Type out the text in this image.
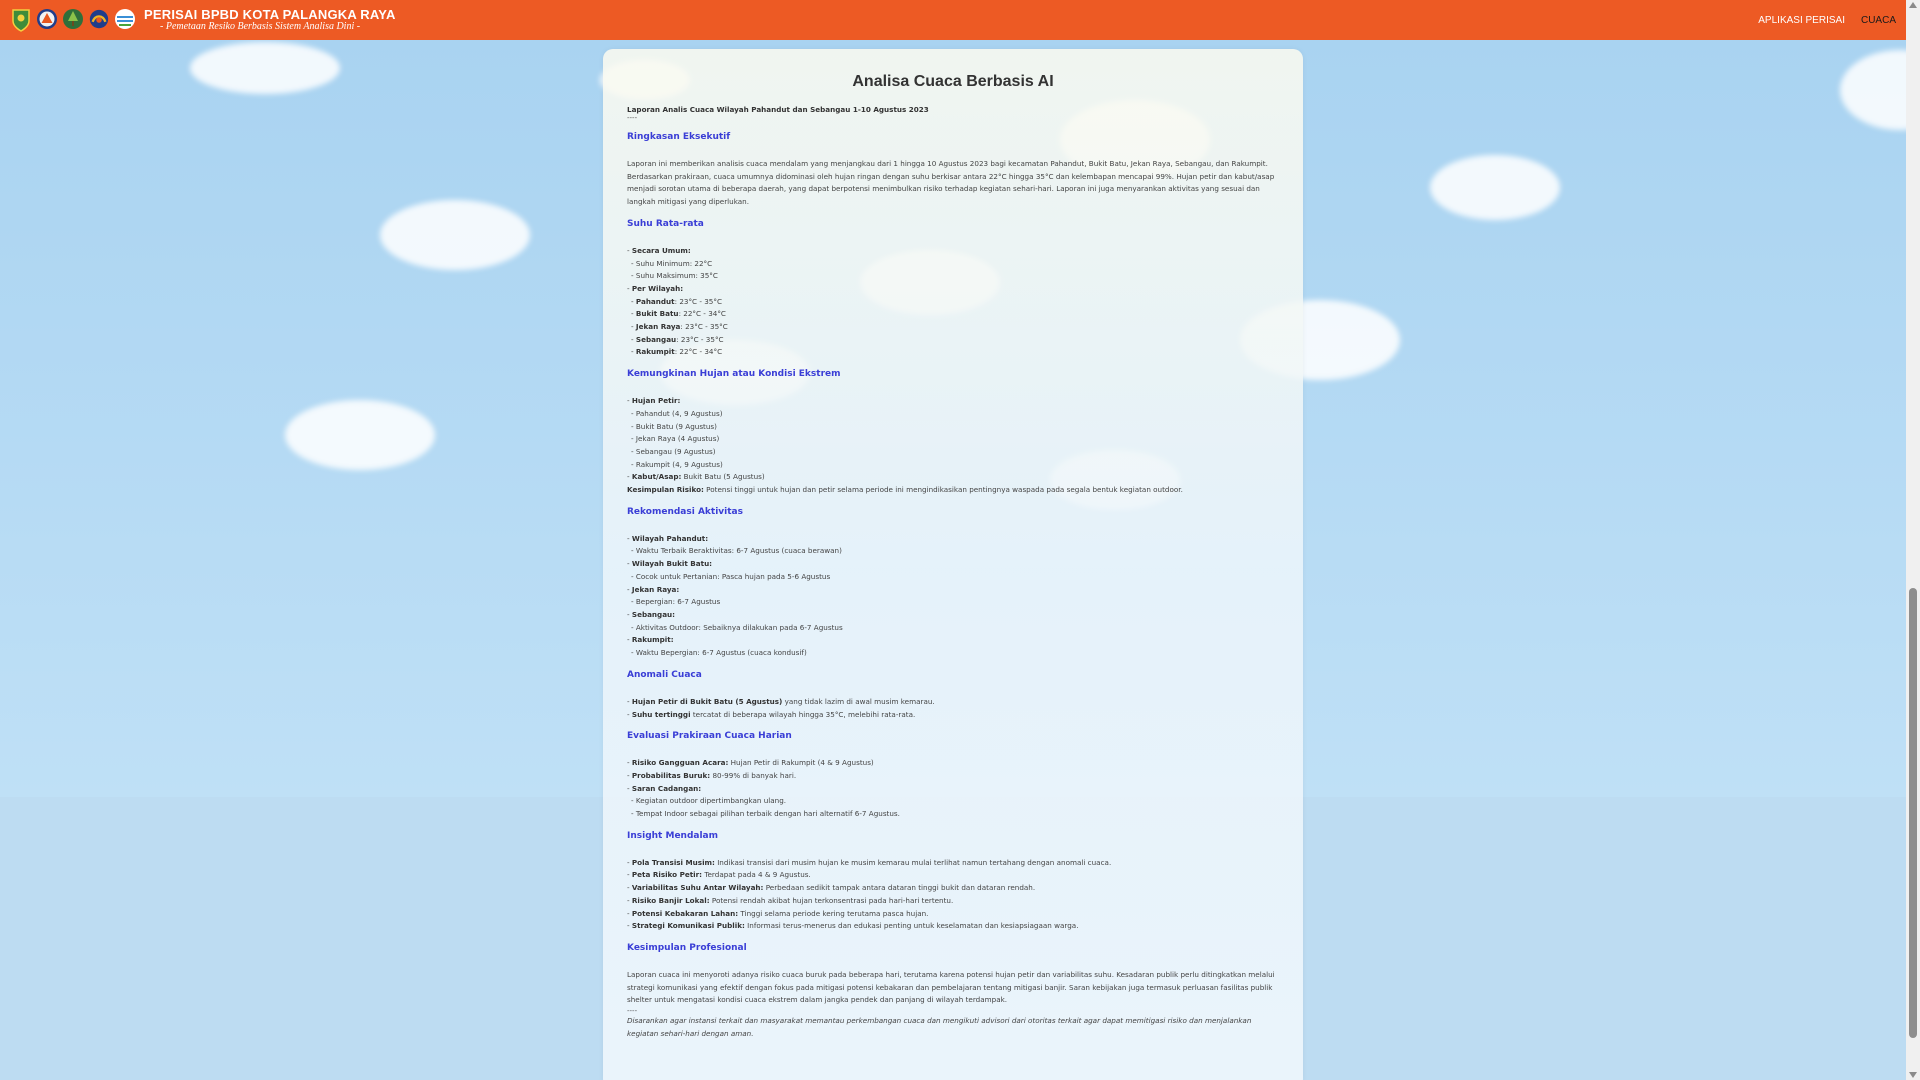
PERISAI BPBD KOTA PALANGKA RAYA
- Pemetaan Resiko Berbasis Sistem Analisa Dini -
APLIKASI PERISAI CUACA
Analisa Cuaca Berbasis AI
Laporan Analis Cuaca Wilayah Pahandut dan Sebangau 1-10 Agustus 2023
----
Ringkasan Eksekutif
Laporan ini memberikan analisis cuaca mendalam yang menjangkau dari 1 hingga 10 Agustus 2023 bagi kecamatan Pahandut, Bukit Batu, Jekan Raya, Sebangau, dan Rakumpit. Berdasarkan prakiraan, cuaca umumnya didominasi oleh hujan ringan dengan suhu berkisar antara 22°C hingga 35°C dan kelembapan mencapai 99%. Hujan petir dan kabut/asap menjadi sorotan utama di beberapa daerah, yang dapat berpotensi menimbulkan risiko terhadap kegiatan sehari-hari. Laporan ini juga menyarankan aktivitas yang sesuai dan langkah mitigasi yang diperlukan.
Suhu Rata-rata
- Secara Umum:
- Suhu Minimum: 22°C
- Suhu Maksimum: 35°C
- Per Wilayah:
- Pahandut: 23°C - 35°C
- Bukit Batu: 22°C - 34°C
- Jekan Raya: 23°C - 35°C
- Sebangau: 23°C - 35°C
- Rakumpit: 22°C - 34°C
Kemungkinan Hujan atau Kondisi Ekstrem
- Hujan Petir:
- Pahandut (4, 9 Agustus)
- Bukit Batu (9 Agustus)
- Jekan Raya (4 Agustus)
- Sebangau (9 Agustus)
- Rakumpit (4, 9 Agustus)
- Kabut/Asap: Bukit Batu (5 Agustus)
Kesimpulan Risiko: Potensi tinggi untuk hujan dan petir selama periode ini mengindikasikan pentingnya waspada pada segala bentuk kegiatan outdoor.
Rekomendasi Aktivitas
- Wilayah Pahandut:
- Waktu Terbaik Beraktivitas: 6-7 Agustus (cuaca berawan)
- Wilayah Bukit Batu:
- Cocok untuk Pertanian: Pasca hujan pada 5-6 Agustus
- Jekan Raya:
- Bepergian: 6-7 Agustus
- Sebangau:
- Aktivitas Outdoor: Sebaiknya dilakukan pada 6-7 Agustus
- Rakumpit:
- Waktu Bepergian: 6-7 Agustus (cuaca kondusif)
Anomali Cuaca
- Hujan Petir di Bukit Batu (5 Agustus) yang tidak lazim di awal musim kemarau.
- Suhu tertinggi tercatat di beberapa wilayah hingga 35°C, melebihi rata-rata.
Evaluasi Prakiraan Cuaca Harian
- Risiko Gangguan Acara: Hujan Petir di Rakumpit (4 & 9 Agustus)
- Probabilitas Buruk: 80-99% di banyak hari.
- Saran Cadangan:
- Kegiatan outdoor dipertimbangkan ulang.
- Tempat Indoor sebagai pilihan terbaik dengan hari alternatif 6-7 Agustus.
Insight Mendalam
- Pola Transisi Musim: Indikasi transisi dari musim hujan ke musim kemarau mulai terlihat namun tertahang dengan anomali cuaca.
- Peta Risiko Petir: Terdapat pada 4 & 9 Agustus.
- Variabilitas Suhu Antar Wilayah: Perbedaan sedikit tampak antara dataran tinggi bukit dan dataran rendah.
- Risiko Banjir Lokal: Potensi rendah akibat hujan terkonsentrasi pada hari-hari tertentu.
- Potensi Kebakaran Lahan: Tinggi selama periode kering terutama pasca hujan.
- Strategi Komunikasi Publik: Informasi terus-menerus dan edukasi penting untuk keselamatan dan kesiapsiagaan warga.
Kesimpulan Profesional
Laporan cuaca ini menyoroti adanya risiko cuaca buruk pada beberapa hari, terutama karena potensi hujan petir dan variabilitas suhu. Kesadaran publik perlu ditingkatkan melalui strategi komunikasi yang efektif dengan fokus pada mitigasi potensi kebakaran dan pembelajaran tentang mitigasi banjir. Saran kebijakan juga termasuk perluasan fasilitas publik shelter untuk mengatasi kondisi cuaca ekstrem dalam jangka pendek dan panjang di wilayah terdampak.
----
Disarankan agar instansi terkait dan masyarakat memantau perkembangan cuaca dan mengikuti advisori dari otoritas terkait agar dapat memitigasi risiko dan menjalankan kegiatan sehari-hari dengan aman.
